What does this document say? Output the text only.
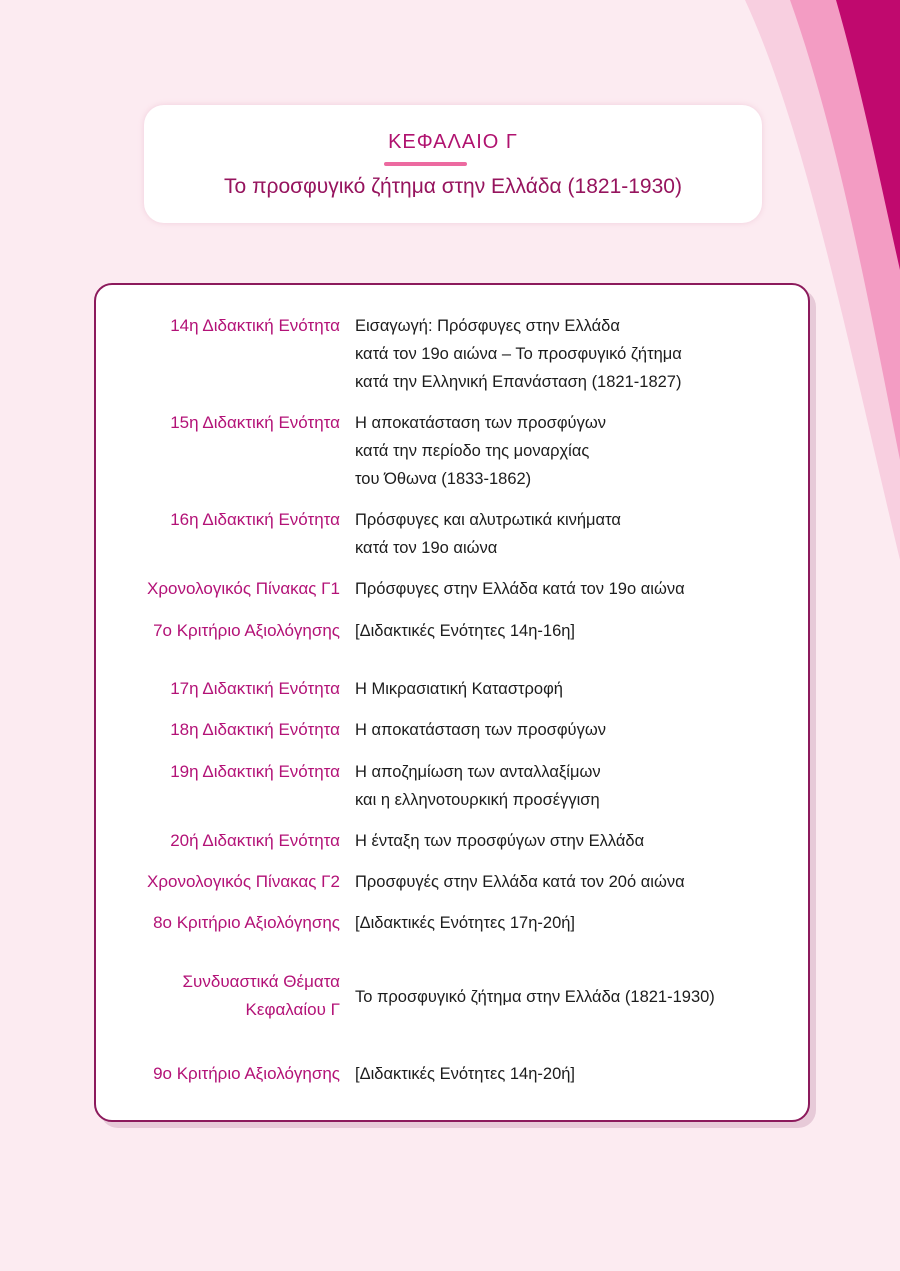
ΚΕΦΑΛΑΙΟ Γ
Το προσφυγικό ζήτημα στην Ελλάδα (1821-1930)
14η Διδακτική Ενότητα Εισαγωγή: Πρόσφυγες στην Ελλάδα
κατά τον 19ο αιώνα – Το προσφυγικό ζήτημα
κατά την Ελληνική Επανάσταση (1821-1827)
15η Διδακτική Ενότητα Η αποκατάσταση των προσφύγων
κατά την περίοδο της μοναρχίας
του Όθωνα (1833-1862)
16η Διδακτική Ενότητα Πρόσφυγες και αλυτρωτικά κινήματα
κατά τον 19ο αιώνα
Χρονολογικός Πίνακας Γ1 Πρόσφυγες στην Ελλάδα κατά τον 19ο αιώνα
7ο Κριτήριο Αξιολόγησης [Διδακτικές Ενότητες 14η-16η]
17η Διδακτική Ενότητα Η Μικρασιατική Καταστροφή
18η Διδακτική Ενότητα Η αποκατάσταση των προσφύγων
19η Διδακτική Ενότητα Η αποζημίωση των ανταλλαξίμων
και η ελληνοτουρκική προσέγγιση
20ή Διδακτική Ενότητα Η ένταξη των προσφύγων στην Ελλάδα
Χρονολογικός Πίνακας Γ2 Προσφυγές στην Ελλάδα κατά τον 20ό αιώνα
8ο Κριτήριο Αξιολόγησης [Διδακτικές Ενότητες 17η-20ή]
Συνδυαστικά Θέματα
Κεφαλαίου Γ
Το προσφυγικό ζήτημα στην Ελλάδα (1821-1930)
9ο Κριτήριο Αξιολόγησης [Διδακτικές Ενότητες 14η-20ή]
